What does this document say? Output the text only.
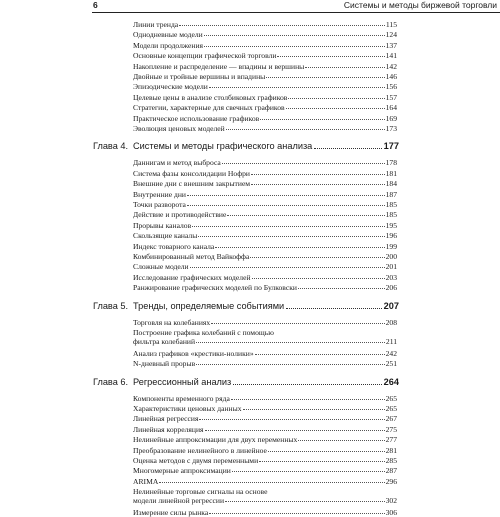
6	Системы и методы биржевой торговли
Линии тренда	115
Однодневные модели	124
Модели продолжения	137
Основные концепции графической торговли	141
Накопление и распределение — впадины и вершины	142
Двойные и тройные вершины и впадины	146
Эпизодические модели	156
Целевые цены в анализе столбиковых графиков	157
Стратегии, характерные для свечных графиков	164
Практическое использование графиков	169
Эволюция ценовых моделей	173
Глава 4. Системы и методы графического анализа	177
Даннигам и метод выброса	178
Система фазы консолидации Нофри	181
Внешние дни с внешним закрытием	184
Внутренние дни	187
Точки разворота	185
Действие и противодействие	185
Прорывы каналов	195
Скользящие каналы	196
Индекс товарного канала	199
Комбинированный метод Вайкоффа	200
Сложные модели	201
Исследование графических моделей	203
Ранжирование графических моделей по Булковски	206
Глава 5. Тренды, определяемые событиями	207
Торговля на колебаниях	208
Построение графика колебаний с помощью
фильтра колебаний	211
Анализ графиков «крестики-нолики»	242
N-дневный прорыв	251
Глава 6. Регрессионный анализ	264
Компоненты временного ряда	265
Характеристики ценовых данных	265
Линейная регрессия	267
Линейная корреляция	275
Нелинейные аппроксимации для двух переменных	277
Преобразование нелинейного в линейное	281
Оценка методов с двумя переменными	285
Многомерные аппроксимации	287
ARIMA	296
Нелинейные торговые сигналы на основе
модели линейной регрессии	302
Измерение силы рынка	306
